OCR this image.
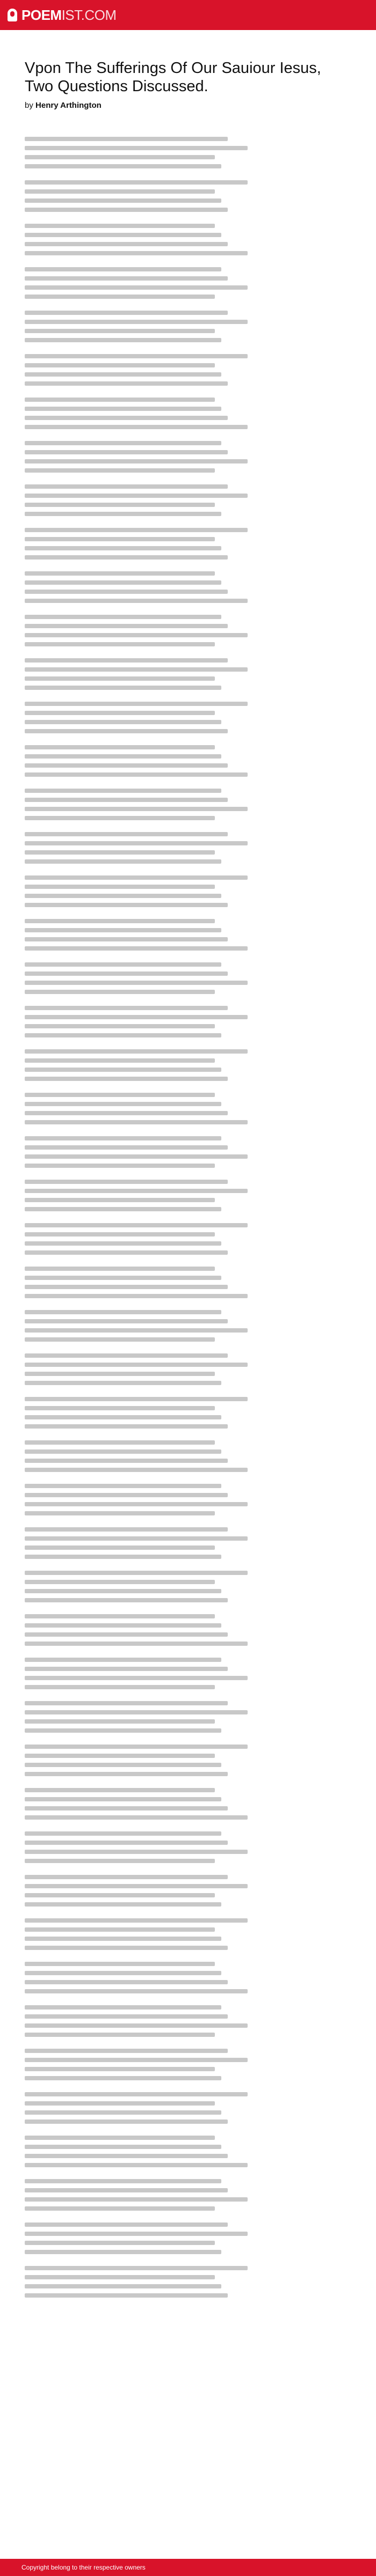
POEMIST.COM
Vpon The Sufferings Of Our Sauiour Iesus, Two Questions Discussed.

by Henry Arthington

Copyright belong to their respective owners
